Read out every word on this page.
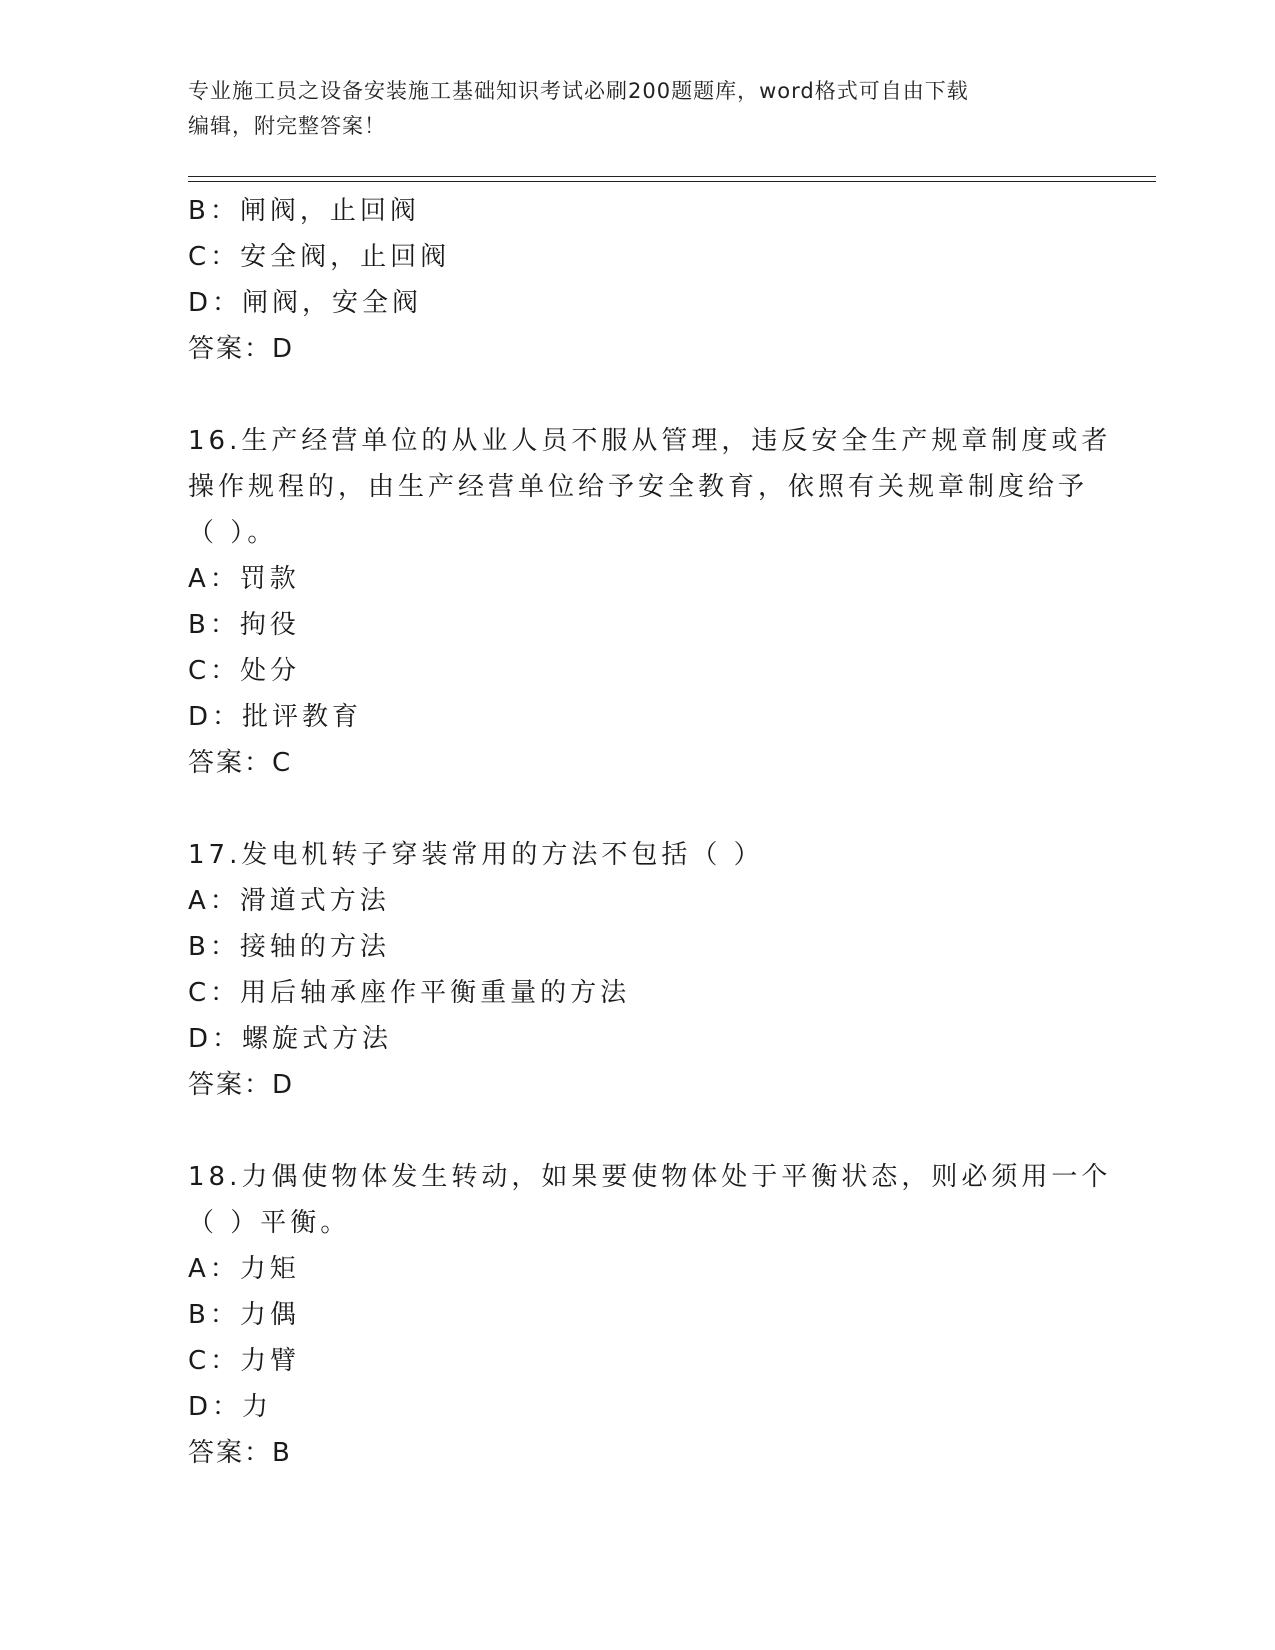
专业施工员之设备安装施工基础知识考试必刷200题题库，word格式可自由下载
编辑，附完整答案！
B：闸阀，止回阀
C：安全阀，止回阀
D：闸阀，安全阀
答案：D
16.生产经营单位的从业人员不服从管理，违反安全生产规章制度或者
操作规程的，由生产经营单位给予安全教育，依照有关规章制度给予
（ ）。
A：罚款
B：拘役
C：处分
D：批评教育
答案：C
17.发电机转子穿装常用的方法不包括（ ）
A：滑道式方法
B：接轴的方法
C：用后轴承座作平衡重量的方法
D：螺旋式方法
答案：D
18.力偶使物体发生转动，如果要使物体处于平衡状态，则必须用一个
（ ）平衡。
A：力矩
B：力偶
C：力臂
D：力
答案：B
